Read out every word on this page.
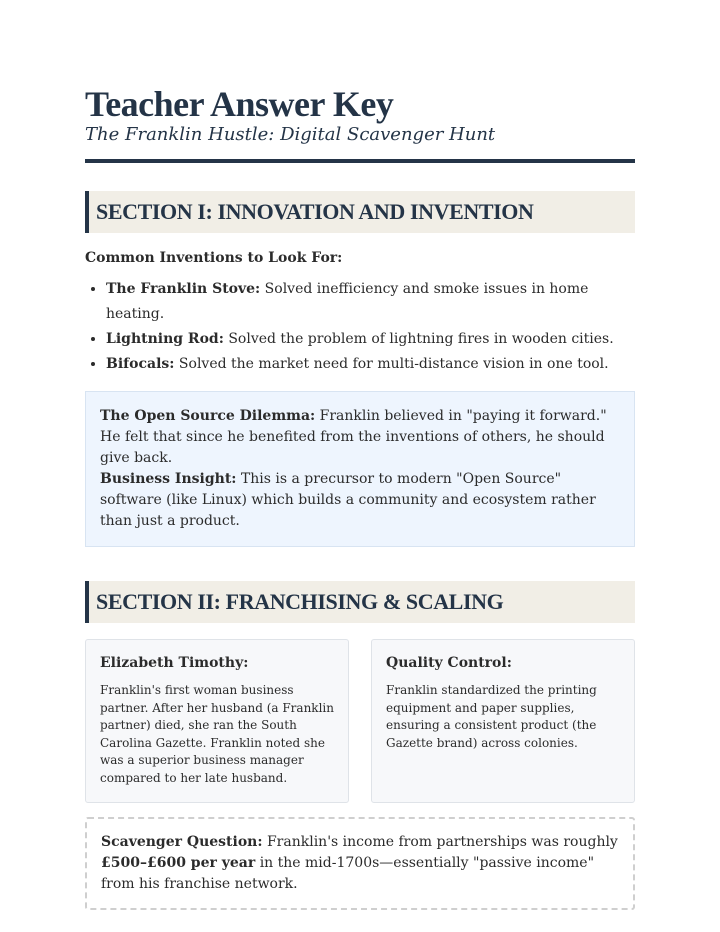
Teacher Answer Key

The Franklin Hustle: Digital Scavenger Hunt

SECTION I: INNOVATION AND INVENTION

Common Inventions to Look For:

• The Franklin Stove: Solved inefficiency and smoke issues in home heating.
• Lightning Rod: Solved the problem of lightning fires in wooden cities.
• Bifocals: Solved the market need for multi-distance vision in one tool.
The Open Source Dilemma: Franklin believed in "paying it forward." He felt that since he benefited from the inventions of others, he should give back.
Business Insight: This is a precursor to modern "Open Source" software (like Linux) which builds a community and ecosystem rather than just a product.
SECTION II: FRANCHISING & SCALING

Elizabeth Timothy:

Franklin's first woman business partner. After her husband (a Franklin partner) died, she ran the South Carolina Gazette. Franklin noted she was a superior business manager compared to her late husband.

Quality Control:

Franklin standardized the printing equipment and paper supplies, ensuring a consistent product (the Gazette brand) across colonies.

Scavenger Question: Franklin's income from partnerships was roughly £500–£600 per year in the mid-1700s—essentially "passive income" from his franchise network.
